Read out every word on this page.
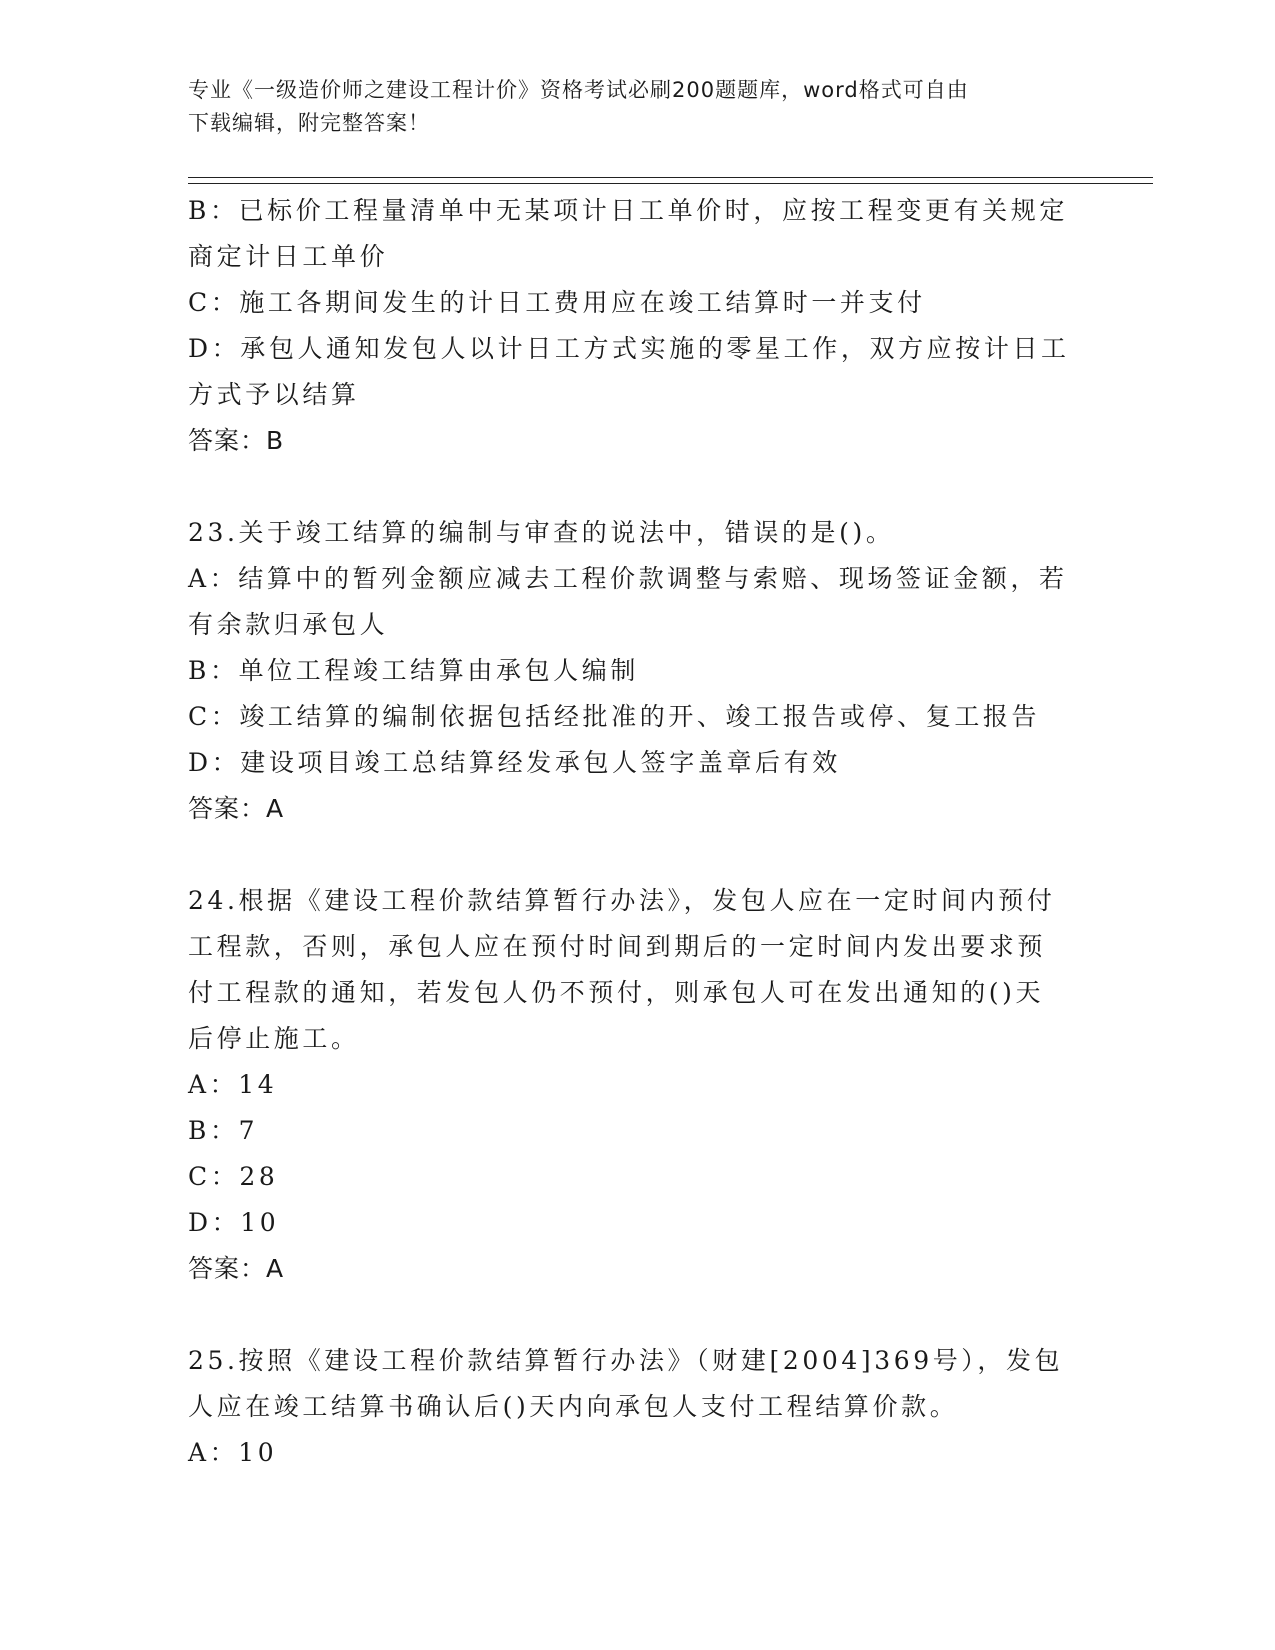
专业《一级造价师之建设工程计价》资格考试必刷200题题库，word格式可自由
下载编辑，附完整答案！
B：已标价工程量清单中无某项计日工单价时，应按工程变更有关规定
商定计日工单价
C：施工各期间发生的计日工费用应在竣工结算时一并支付
D：承包人通知发包人以计日工方式实施的零星工作，双方应按计日工
方式予以结算
答案：B
23.关于竣工结算的编制与审查的说法中，错误的是()。
A：结算中的暂列金额应减去工程价款调整与索赔、现场签证金额，若
有余款归承包人
B：单位工程竣工结算由承包人编制
C：竣工结算的编制依据包括经批准的开、竣工报告或停、复工报告
D：建设项目竣工总结算经发承包人签字盖章后有效
答案：A
24.根据《建设工程价款结算暂行办法》，发包人应在一定时间内预付
工程款，否则，承包人应在预付时间到期后的一定时间内发出要求预
付工程款的通知，若发包人仍不预付，则承包人可在发出通知的()天
后停止施工。
A：14
B：7
C：28
D：10
答案：A
25.按照《建设工程价款结算暂行办法》（财建[2004]369号），发包
人应在竣工结算书确认后()天内向承包人支付工程结算价款。
A：10
